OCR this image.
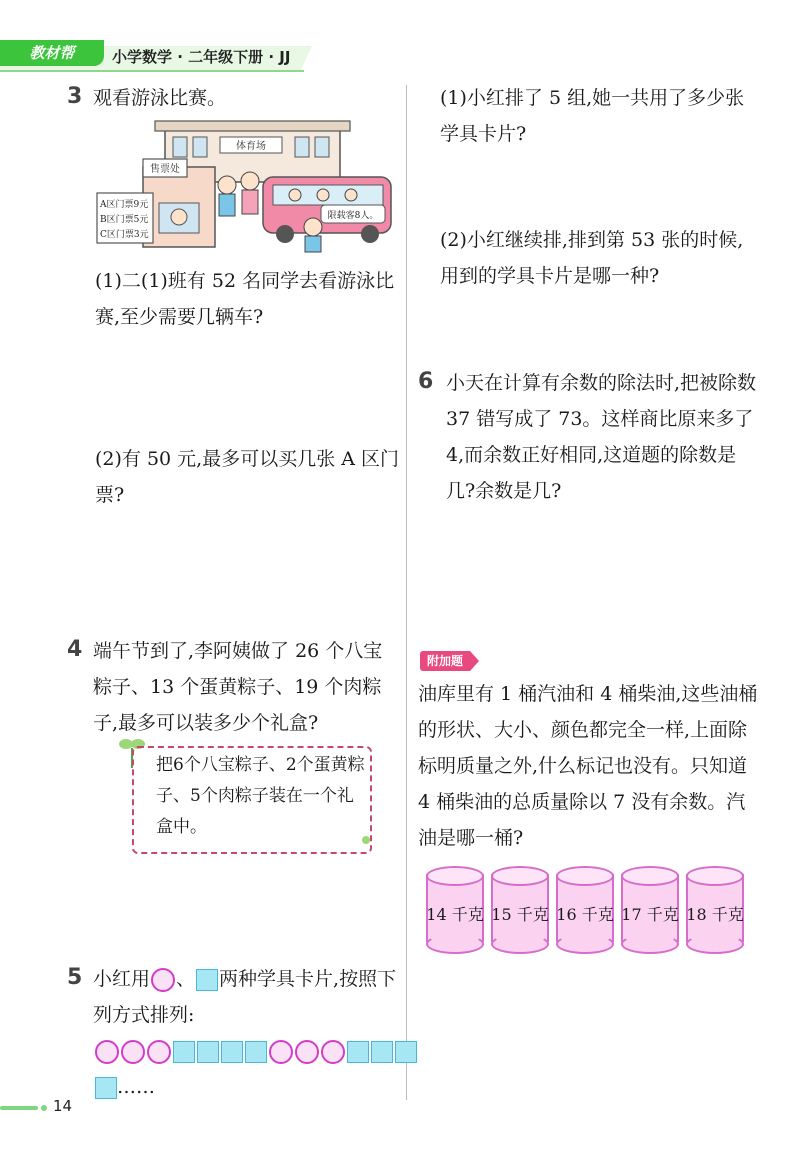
教材帮	小学数学 · 二年级下册 · JJ
3 观看游泳比赛。
体育场
售票处
A区门票9元
B区门票5元
C区门票3元
限载客8人。
(1)二(1)班有 52 名同学去看游泳比赛,至少需要几辆车?
(2)有 50 元,最多可以买几张 A 区门票?
4 端午节到了,李阿姨做了 26 个八宝粽子、13 个蛋黄粽子、19 个肉粽子,最多可以装多少个礼盒?
把6个八宝粽子、2个蛋黄粽子、5个肉粽子装在一个礼盒中。
5 小红用 、 两种学具卡片,按照下列方式排列:
……
(1)小红排了 5 组,她一共用了多少张学具卡片?
(2)小红继续排,排到第 53 张的时候,用到的学具卡片是哪一种?
6 小天在计算有余数的除法时,把被除数 37 错写成了 73。这样商比原来多了 4,而余数正好相同,这道题的除数是几?余数是几?
附加题
油库里有 1 桶汽油和 4 桶柴油,这些油桶的形状、大小、颜色都完全一样,上面除标明质量之外,什么标记也没有。只知道 4 桶柴油的总质量除以 7 没有余数。汽油是哪一桶?
14 千克 15 千克 16 千克 17 千克 18 千克
14
